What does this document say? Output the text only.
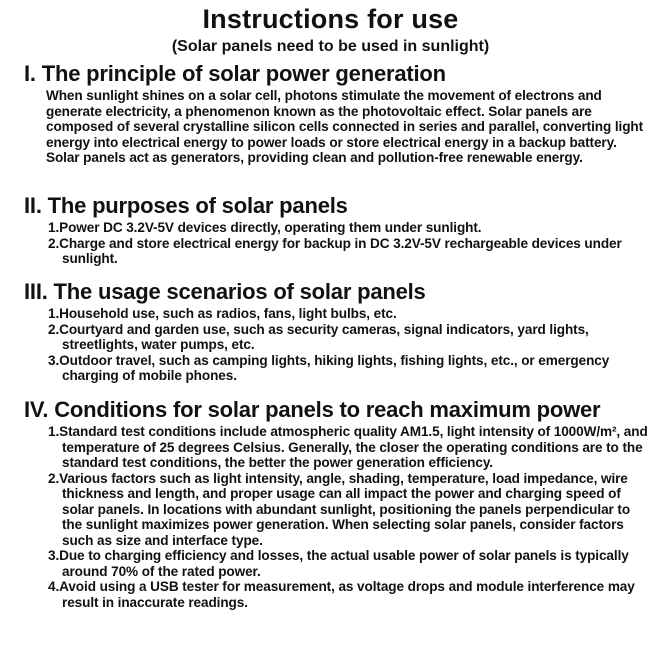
Instructions for use
(Solar panels need to be used in sunlight)
I. The principle of solar power generation

When sunlight shines on a solar cell, photons stimulate the movement of electrons and generate electricity, a phenomenon known as the photovoltaic effect. Solar panels are composed of several crystalline silicon cells connected in series and parallel, converting light energy into electrical energy to power loads or store electrical energy in a backup battery. Solar panels act as generators, providing clean and pollution-free renewable energy.

II. The purposes of solar panels
1.Power DC 3.2V-5V devices directly, operating them under sunlight.
2.Charge and store electrical energy for backup in DC 3.2V-5V rechargeable devices under sunlight.
III. The usage scenarios of solar panels
1.Household use, such as radios, fans, light bulbs, etc.
2.Courtyard and garden use, such as security cameras, signal indicators, yard lights, streetlights, water pumps, etc.
3.Outdoor travel, such as camping lights, hiking lights, fishing lights, etc., or emergency charging of mobile phones.
IV. Conditions for solar panels to reach maximum power
1.Standard test conditions include atmospheric quality AM1.5, light intensity of 1000W/m², and temperature of 25 degrees Celsius. Generally, the closer the operating conditions are to the standard test conditions, the better the power generation efficiency.
2.Various factors such as light intensity, angle, shading, temperature, load impedance, wire thickness and length, and proper usage can all impact the power and charging speed of solar panels. In locations with abundant sunlight, positioning the panels perpendicular to the sunlight maximizes power generation. When selecting solar panels, consider factors such as size and interface type.
3.Due to charging efficiency and losses, the actual usable power of solar panels is typically around 70% of the rated power.
4.Avoid using a USB tester for measurement, as voltage drops and module interference may result in inaccurate readings.
